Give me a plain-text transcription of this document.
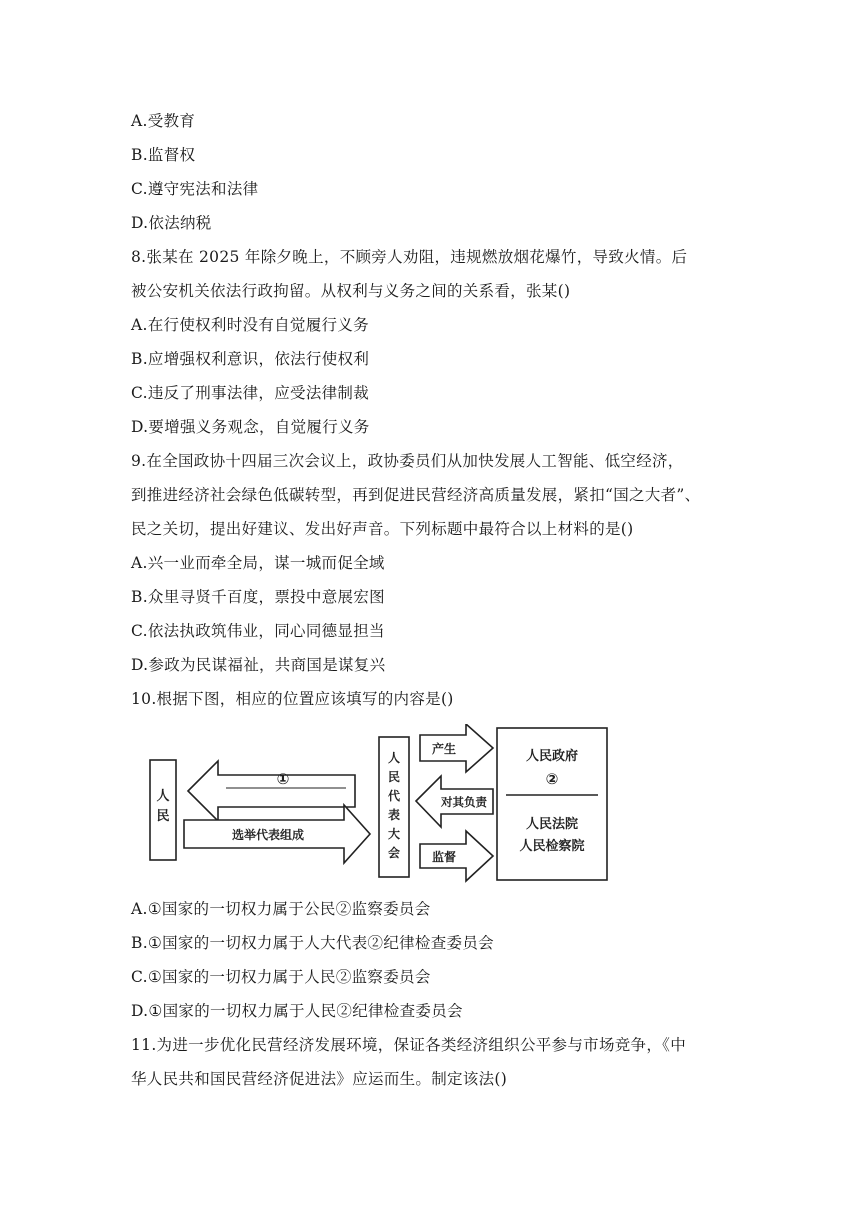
A.受教育
B.监督权
C.遵守宪法和法律
D.依法纳税
8.张某在 2025 年除夕晚上，不顾旁人劝阻，违规燃放烟花爆竹，导致火情。后
被公安机关依法行政拘留。从权利与义务之间的关系看，张某()
A.在行使权利时没有自觉履行义务
B.应增强权利意识，依法行使权利
C.违反了刑事法律，应受法律制裁
D.要增强义务观念，自觉履行义务
9.在全国政协十四届三次会议上，政协委员们从加快发展人工智能、低空经济，
到推进经济社会绿色低碳转型，再到促进民营经济高质量发展，紧扣“国之大者”、
民之关切，提出好建议、发出好声音。下列标题中最符合以上材料的是()
A.兴一业而牵全局，谋一城而促全域
B.众里寻贤千百度，票投中意展宏图
C.依法执政筑伟业，同心同德显担当
D.参政为民谋福祉，共商国是谋复兴
10.根据下图，相应的位置应该填写的内容是()
人
民
①
选举代表组成
人
民
代
表
大
会
产生
对其负责
监督
人民政府
②
人民法院
人民检察院
A.①国家的一切权力属于公民②监察委员会
B.①国家的一切权力属于人大代表②纪律检查委员会
C.①国家的一切权力属于人民②监察委员会
D.①国家的一切权力属于人民②纪律检查委员会
11.为进一步优化民营经济发展环境，保证各类经济组织公平参与市场竞争，《中
华人民共和国民营经济促进法》应运而生。制定该法()
